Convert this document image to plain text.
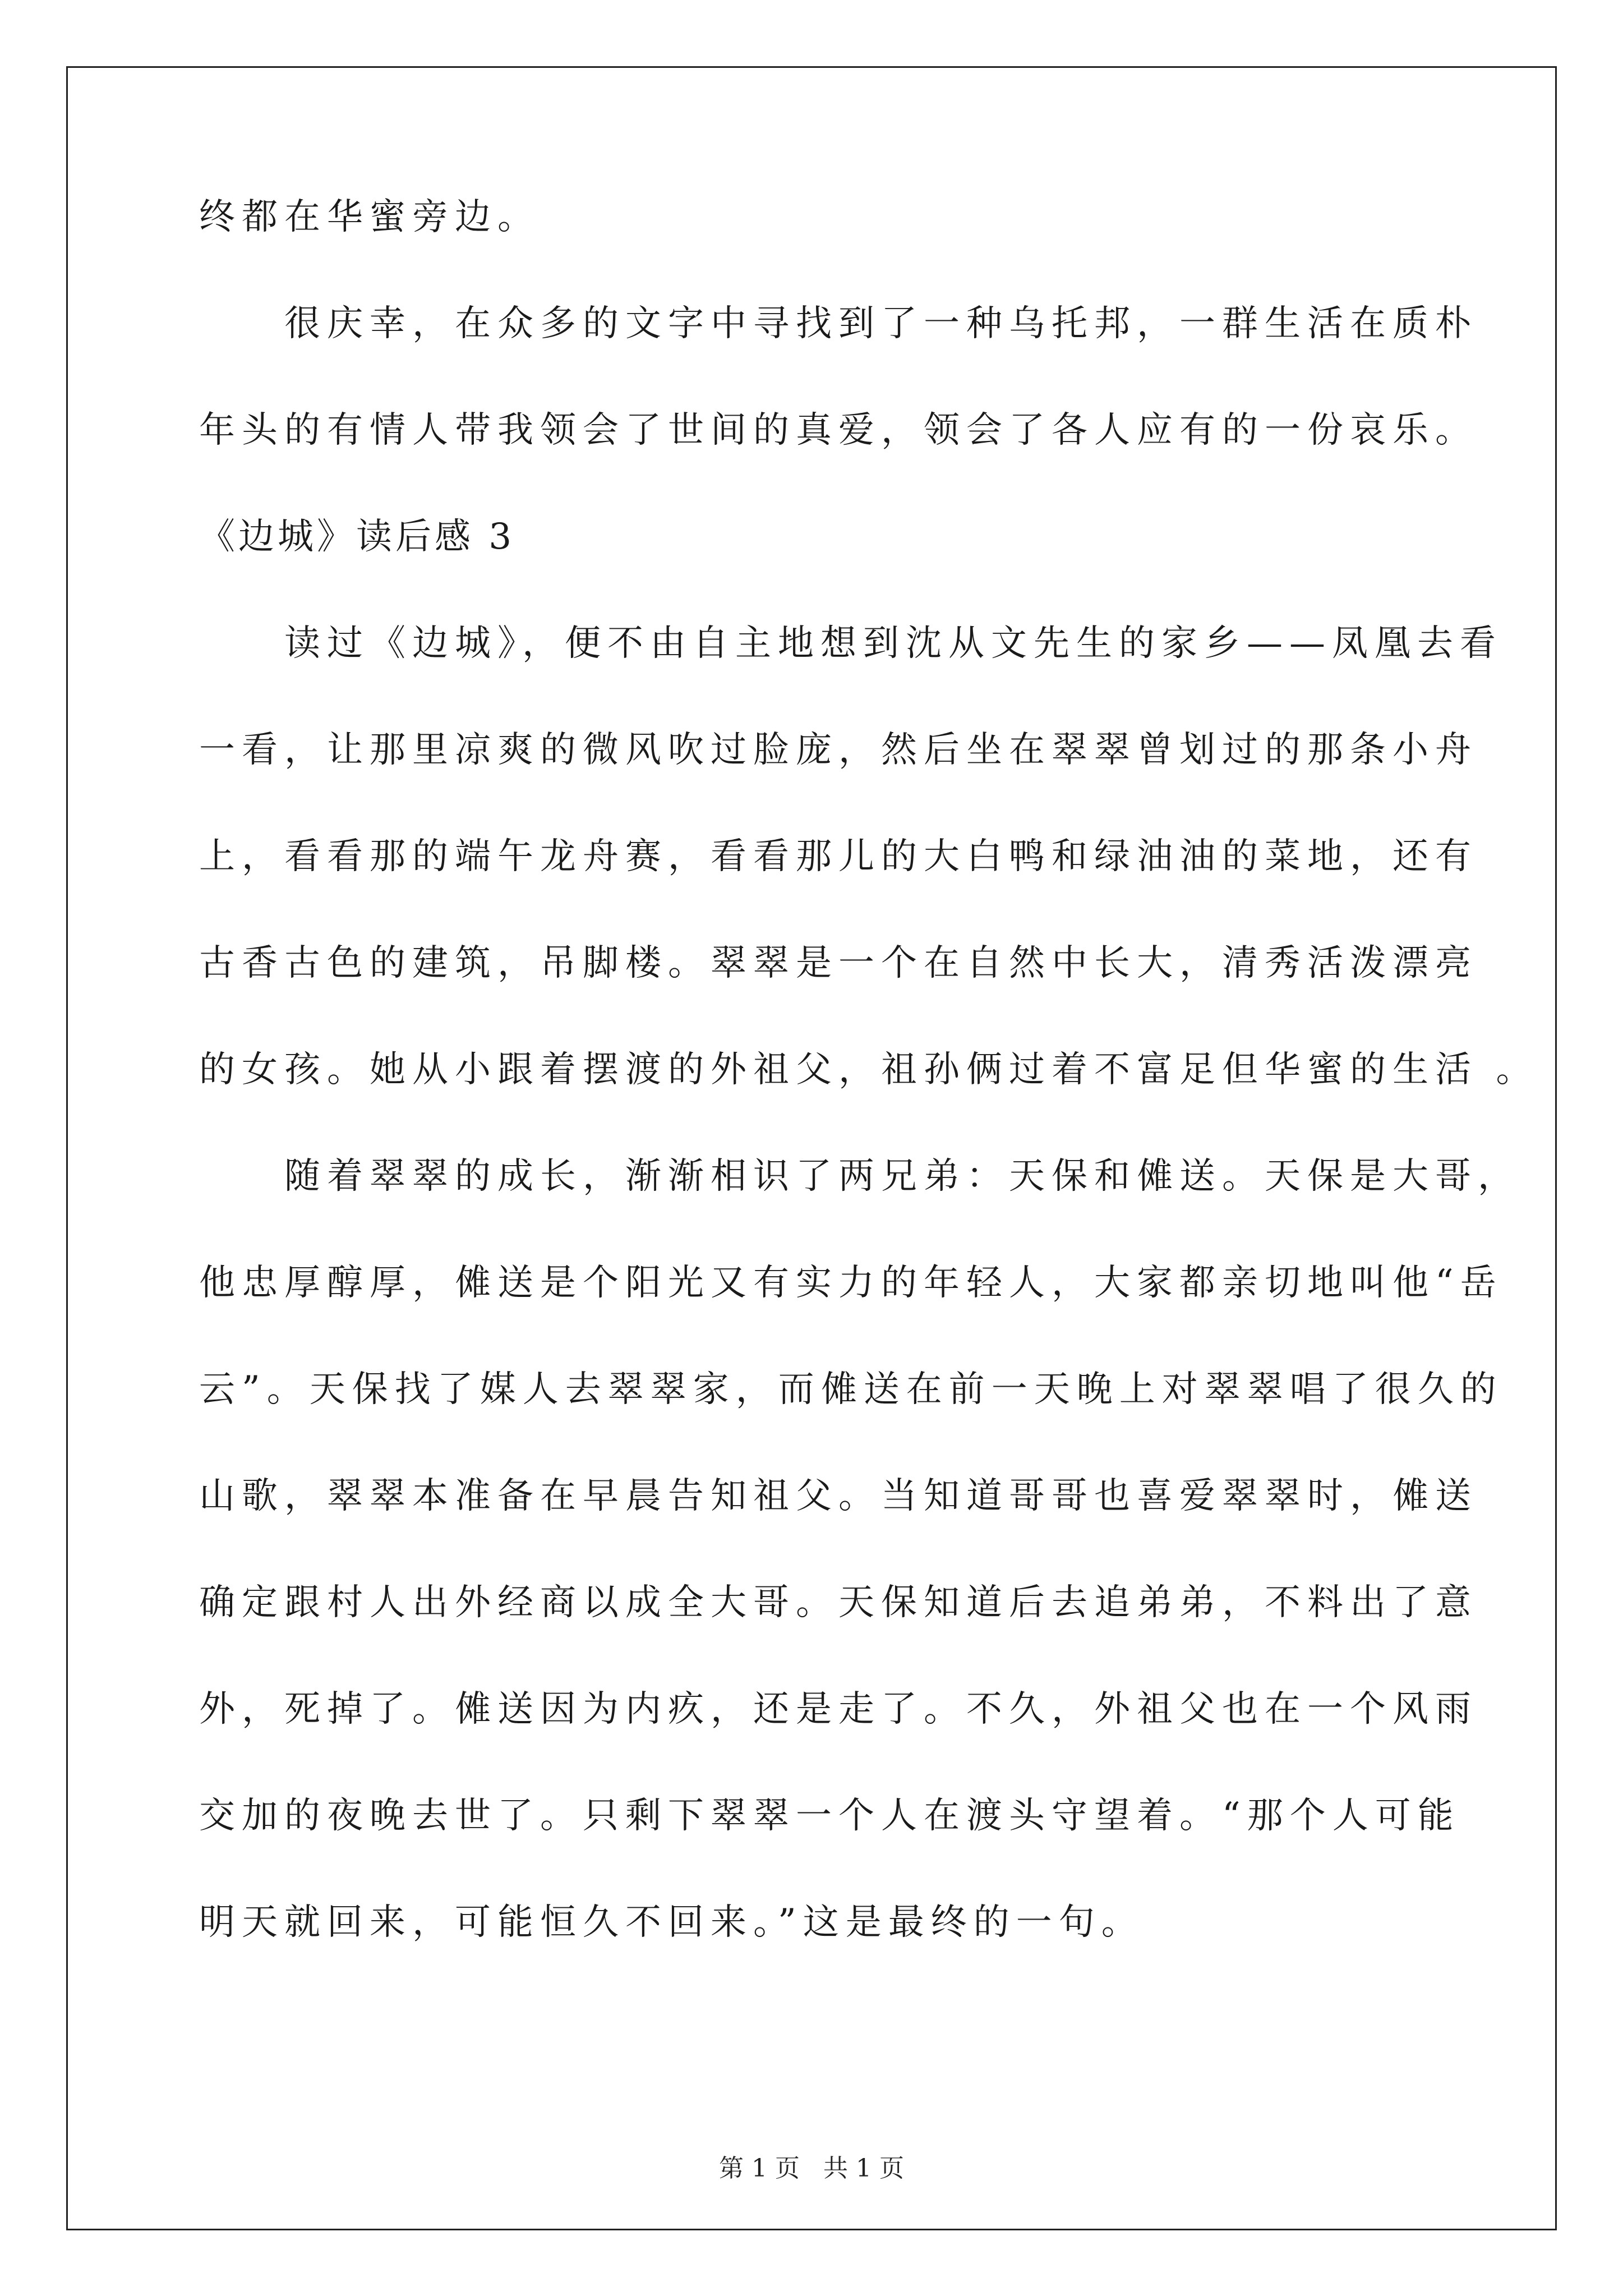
终都在华蜜旁边。
很庆幸，在众多的文字中寻找到了一种乌托邦，一群生活在质朴
年头的有情人带我领会了世间的真爱，领会了各人应有的一份哀乐。
《边城》读后感 3
读过《边城》，便不由自主地想到沈从文先生的家乡——凤凰去看
一看，让那里凉爽的微风吹过脸庞，然后坐在翠翠曾划过的那条小舟
上，看看那的端午龙舟赛，看看那儿的大白鸭和绿油油的菜地，还有
古香古色的建筑，吊脚楼。翠翠是一个在自然中长大，清秀活泼漂亮
的女孩。她从小跟着摆渡的外祖父，祖孙俩过着不富足但华蜜的生活 。
随着翠翠的成长，渐渐相识了两兄弟：天保和傩送。天保是大哥，
他忠厚醇厚，傩送是个阳光又有实力的年轻人，大家都亲切地叫他“岳
云”。天保找了媒人去翠翠家，而傩送在前一天晚上对翠翠唱了很久的
山歌，翠翠本准备在早晨告知祖父。当知道哥哥也喜爱翠翠时，傩送
确定跟村人出外经商以成全大哥。天保知道后去追弟弟，不料出了意
外，死掉了。傩送因为内疚，还是走了。不久，外祖父也在一个风雨
交加的夜晚去世了。只剩下翠翠一个人在渡头守望着。“那个人可能
明天就回来，可能恒久不回来。”这是最终的一句。
第 1 页   共 1 页
